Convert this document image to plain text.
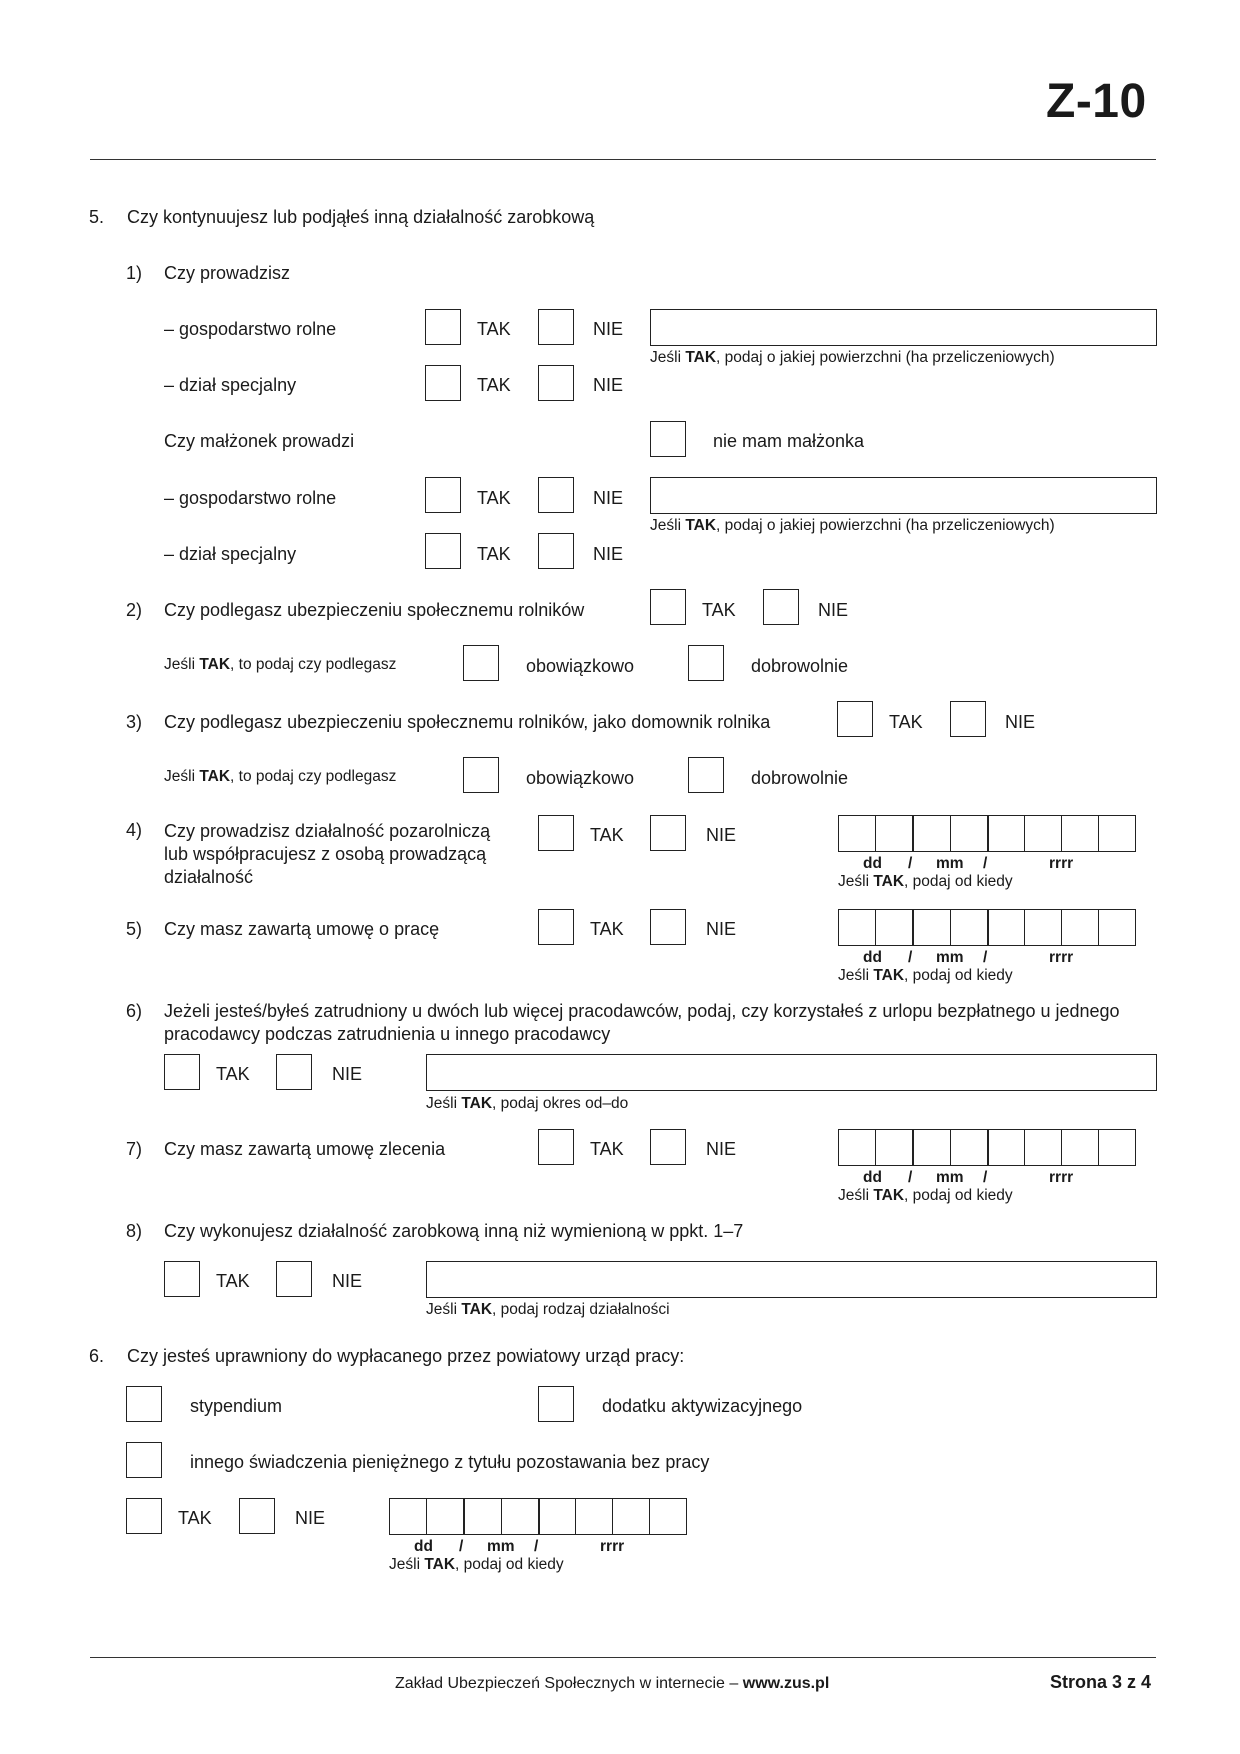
Z-10
5. Czy kontynuujesz lub podjąłeś inną działalność zarobkową
1) Czy prowadzisz
– gospodarstwo rolne	TAK	NIE
Jeśli TAK, podaj o jakiej powierzchni (ha przeliczeniowych)
– dział specjalny	TAK	NIE
Czy małżonek prowadzi	nie mam małżonka
– gospodarstwo rolne	TAK	NIE
Jeśli TAK, podaj o jakiej powierzchni (ha przeliczeniowych)
– dział specjalny	TAK	NIE
2) Czy podlegasz ubezpieczeniu społecznemu rolników	TAK	NIE
Jeśli TAK, to podaj czy podlegasz	obowiązkowo	dobrowolnie
3) Czy podlegasz ubezpieczeniu społecznemu rolników, jako domownik rolnika	TAK	NIE
Jeśli TAK, to podaj czy podlegasz	obowiązkowo	dobrowolnie
4) Czy prowadzisz działalność pozarolniczą
lub współpracujesz z osobą prowadzącą
działalność
TAK	NIE
dd / mm /	rrrr
Jeśli TAK, podaj od kiedy
5) Czy masz zawartą umowę o pracę	TAK	NIE
dd / mm /	rrrr
Jeśli TAK, podaj od kiedy
6) Jeżeli jesteś/byłeś zatrudniony u dwóch lub więcej pracodawców, podaj, czy korzystałeś z urlopu bezpłatnego u jednego
pracodawcy podczas zatrudnienia u innego pracodawcy
TAK	NIE
Jeśli TAK, podaj okres od–do
7) Czy masz zawartą umowę zlecenia	TAK	NIE
dd / mm /	rrrr
Jeśli TAK, podaj od kiedy
8) Czy wykonujesz działalność zarobkową inną niż wymienioną w ppkt. 1–7
TAK	NIE
Jeśli TAK, podaj rodzaj działalności
6. Czy jesteś uprawniony do wypłacanego przez powiatowy urząd pracy:
stypendium	dodatku aktywizacyjnego
innego świadczenia pieniężnego z tytułu pozostawania bez pracy
TAK	NIE
dd / mm /	rrrr
Jeśli TAK, podaj od kiedy
Zakład Ubezpieczeń Społecznych w internecie – www.zus.pl	Strona 3 z 4
